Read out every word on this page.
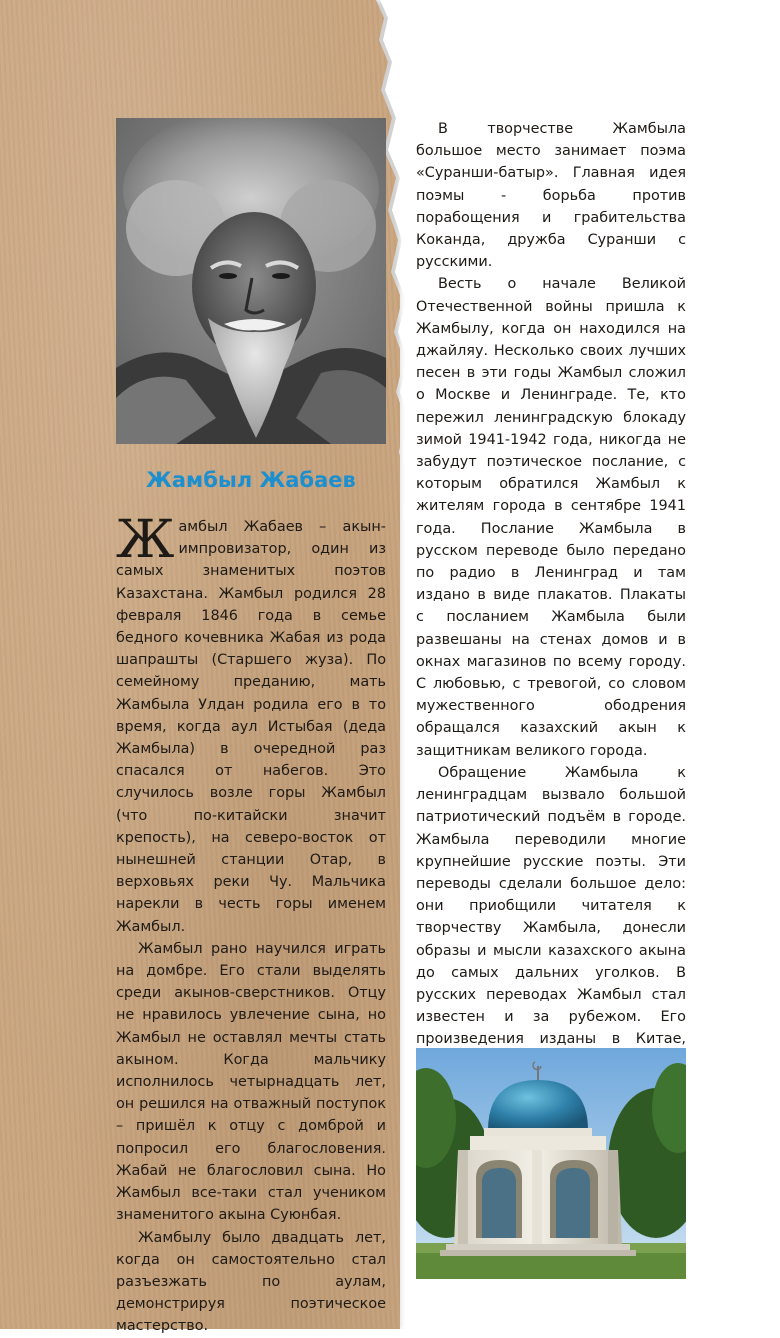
Жамбыл Жабаев

Жамбыл Жабаев – акын-импровизатор, один из самых знаменитых поэтов Казахстана. Жамбыл родился 28 февраля 1846 года в семье бедного кочевника Жабая из рода шапрашты (Старшего жуза). По семейному преданию, мать Жамбыла Улдан родила его в то время, когда аул Истыбая (деда Жамбыла) в очередной раз спасался от набегов. Это случилось возле горы Жамбыл (что по-китайски значит крепость), на северо-восток от нынешней станции Отар, в верховьях реки Чу. Мальчика нарекли в честь горы именем Жамбыл.

Жамбыл рано научился играть на домбре. Его стали выделять среди акынов-сверстников. Отцу не нравилось увлечение сына, но Жамбыл не оставлял мечты стать акыном. Когда мальчику исполнилось четырнадцать лет, он решился на отважный поступок – пришёл к отцу с домброй и попросил его благословения. Жабай не благословил сына. Но Жамбыл все-таки стал учеником знаменитого акына Суюнбая.

Жамбылу было двадцать лет, когда он самостоятельно стал разъезжать по аулам, демонстрируя поэтическое мастерство.

В творчестве Жамбыла большое место занимает поэма «Суранши-батыр». Главная идея поэмы - борьба против порабощения и грабительства Коканда, дружба Суранши с русскими.

Весть о начале Великой Отечественной войны пришла к Жамбылу, когда он находился на джайляу. Несколько своих лучших песен в эти годы Жамбыл сложил о Москве и Ленинграде. Те, кто пережил ленинградскую блокаду зимой 1941-1942 года, никогда не забудут поэтическое послание, с которым обратился Жамбыл к жителям города в сентябре 1941 года. Послание Жамбыла в русском переводе было передано по радио в Ленинград и там издано в виде плакатов. Плакаты с посланием Жамбыла были развешаны на стенах домов и в окнах магазинов по всему городу. С любовью, с тревогой, со словом мужественного ободрения обращался казахский акын к защитникам великого города.

Обращение Жамбыла к ленинградцам вызвало большой патриотический подъём в городе. Жамбыла переводили многие крупнейшие русские поэты. Эти переводы сделали большое дело: они приобщили читателя к творчеству Жамбыла, донесли образы и мысли казахского акына до самых дальних уголков. В русских переводах Жамбыл стал известен и за рубежом. Его произведения изданы в Китае,
